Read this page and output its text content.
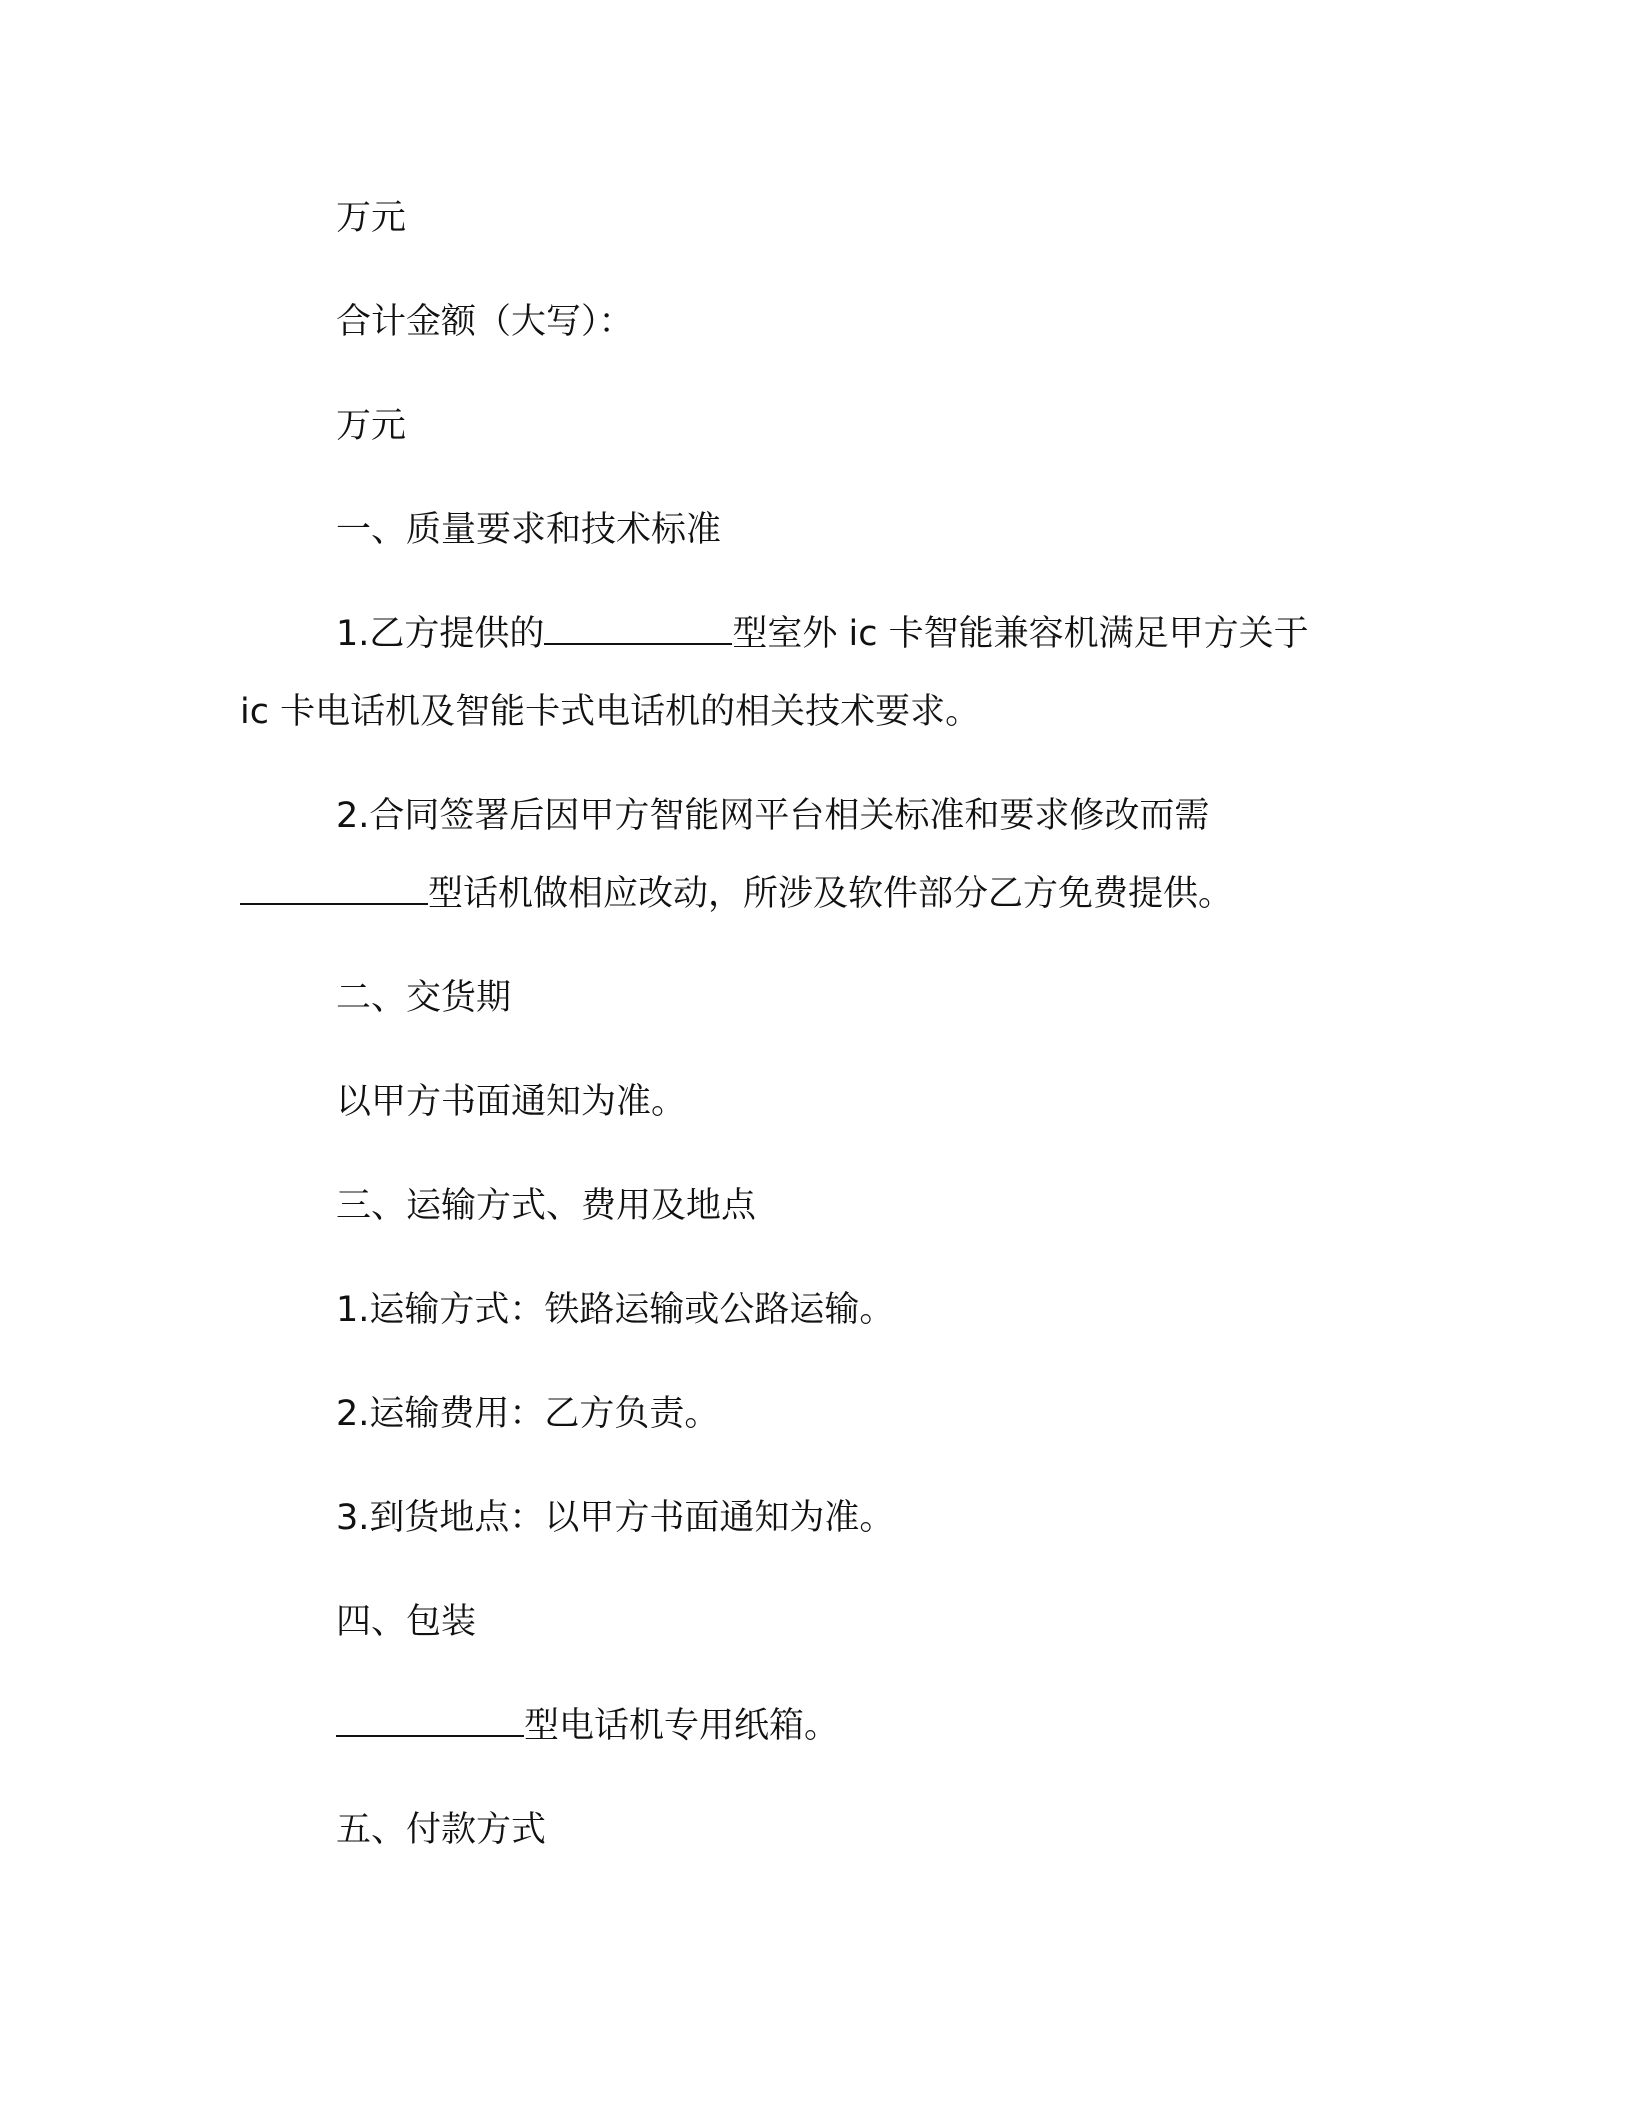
万元
合计金额（大写）：
万元
一、质量要求和技术标准
1.乙方提供的	型室外 ic 卡智能兼容机满足甲方关于
ic 卡电话机及智能卡式电话机的相关技术要求。
2.合同签署后因甲方智能网平台相关标准和要求修改而需
型话机做相应改动，所涉及软件部分乙方免费提供。
二、交货期
以甲方书面通知为准。
三、运输方式、费用及地点
1.运输方式：铁路运输或公路运输。
2.运输费用：乙方负责。
3.到货地点：以甲方书面通知为准。
四、包装
型电话机专用纸箱。
五、付款方式
